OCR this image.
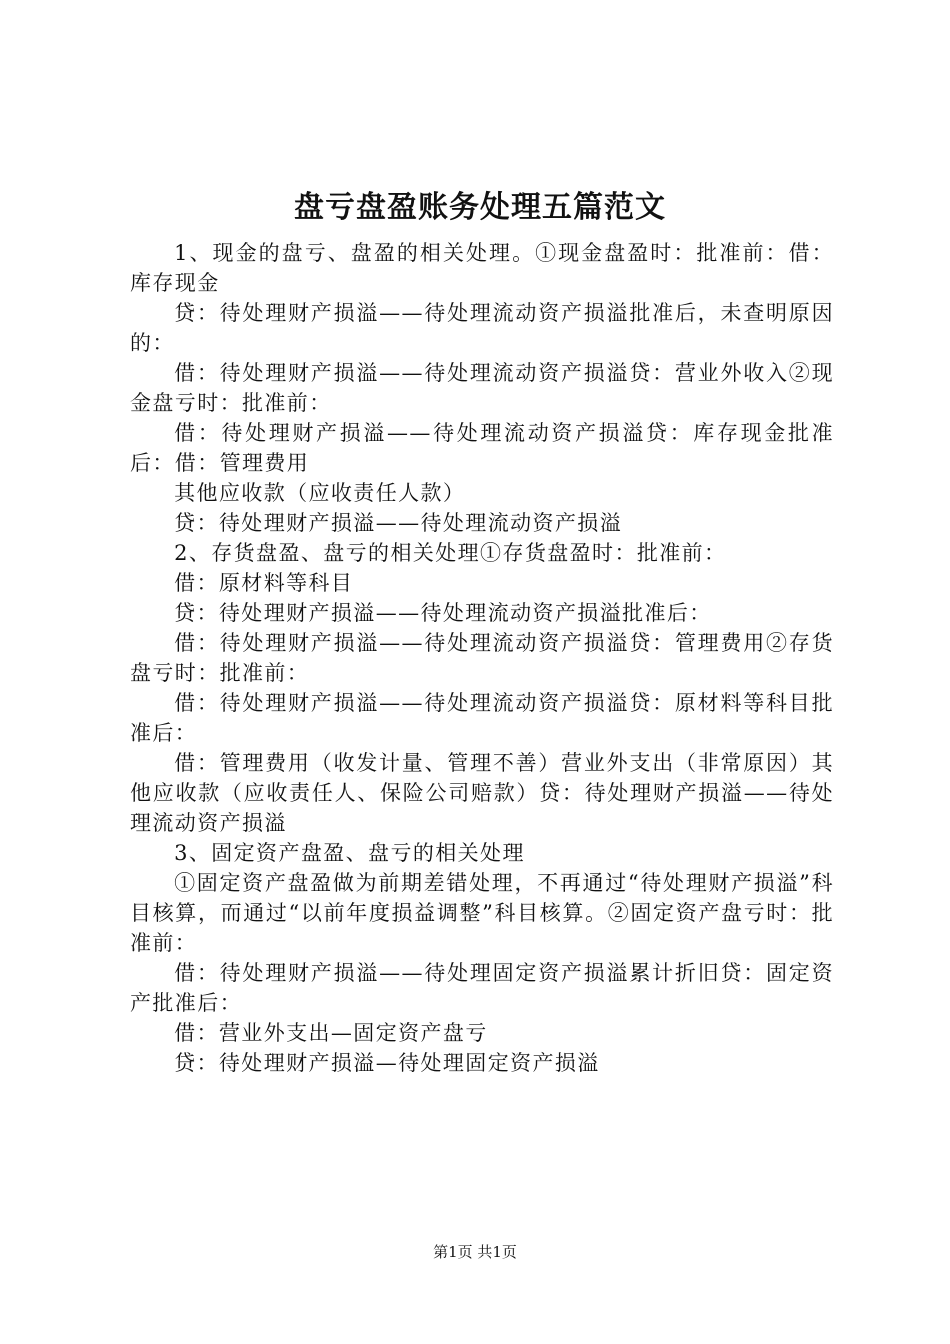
盘亏盘盈账务处理五篇范文

1、现金的盘亏、盘盈的相关处理。①现金盘盈时：批准前：借：库存现金

贷：待处理财产损溢——待处理流动资产损溢批准后，未查明原因的：

借：待处理财产损溢——待处理流动资产损溢贷：营业外收入②现金盘亏时：批准前：

借：待处理财产损溢——待处理流动资产损溢贷：库存现金批准后：借：管理费用

其他应收款（应收责任人款）

贷：待处理财产损溢——待处理流动资产损溢

2、存货盘盈、盘亏的相关处理①存货盘盈时：批准前：

借：原材料等科目

贷：待处理财产损溢——待处理流动资产损溢批准后：

借：待处理财产损溢——待处理流动资产损溢贷：管理费用②存货盘亏时：批准前：

借：待处理财产损溢——待处理流动资产损溢贷：原材料等科目批准后：

借：管理费用（收发计量、管理不善）营业外支出（非常原因）其他应收款（应收责任人、保险公司赔款）贷：待处理财产损溢——待处理流动资产损溢

3、固定资产盘盈、盘亏的相关处理

①固定资产盘盈做为前期差错处理，不再通过“待处理财产损溢”科目核算，而通过“以前年度损益调整”科目核算。②固定资产盘亏时：批准前：

借：待处理财产损溢——待处理固定资产损溢累计折旧贷：固定资产批准后：

借：营业外支出—固定资产盘亏

贷：待处理财产损溢—待处理固定资产损溢

第1页 共1页
